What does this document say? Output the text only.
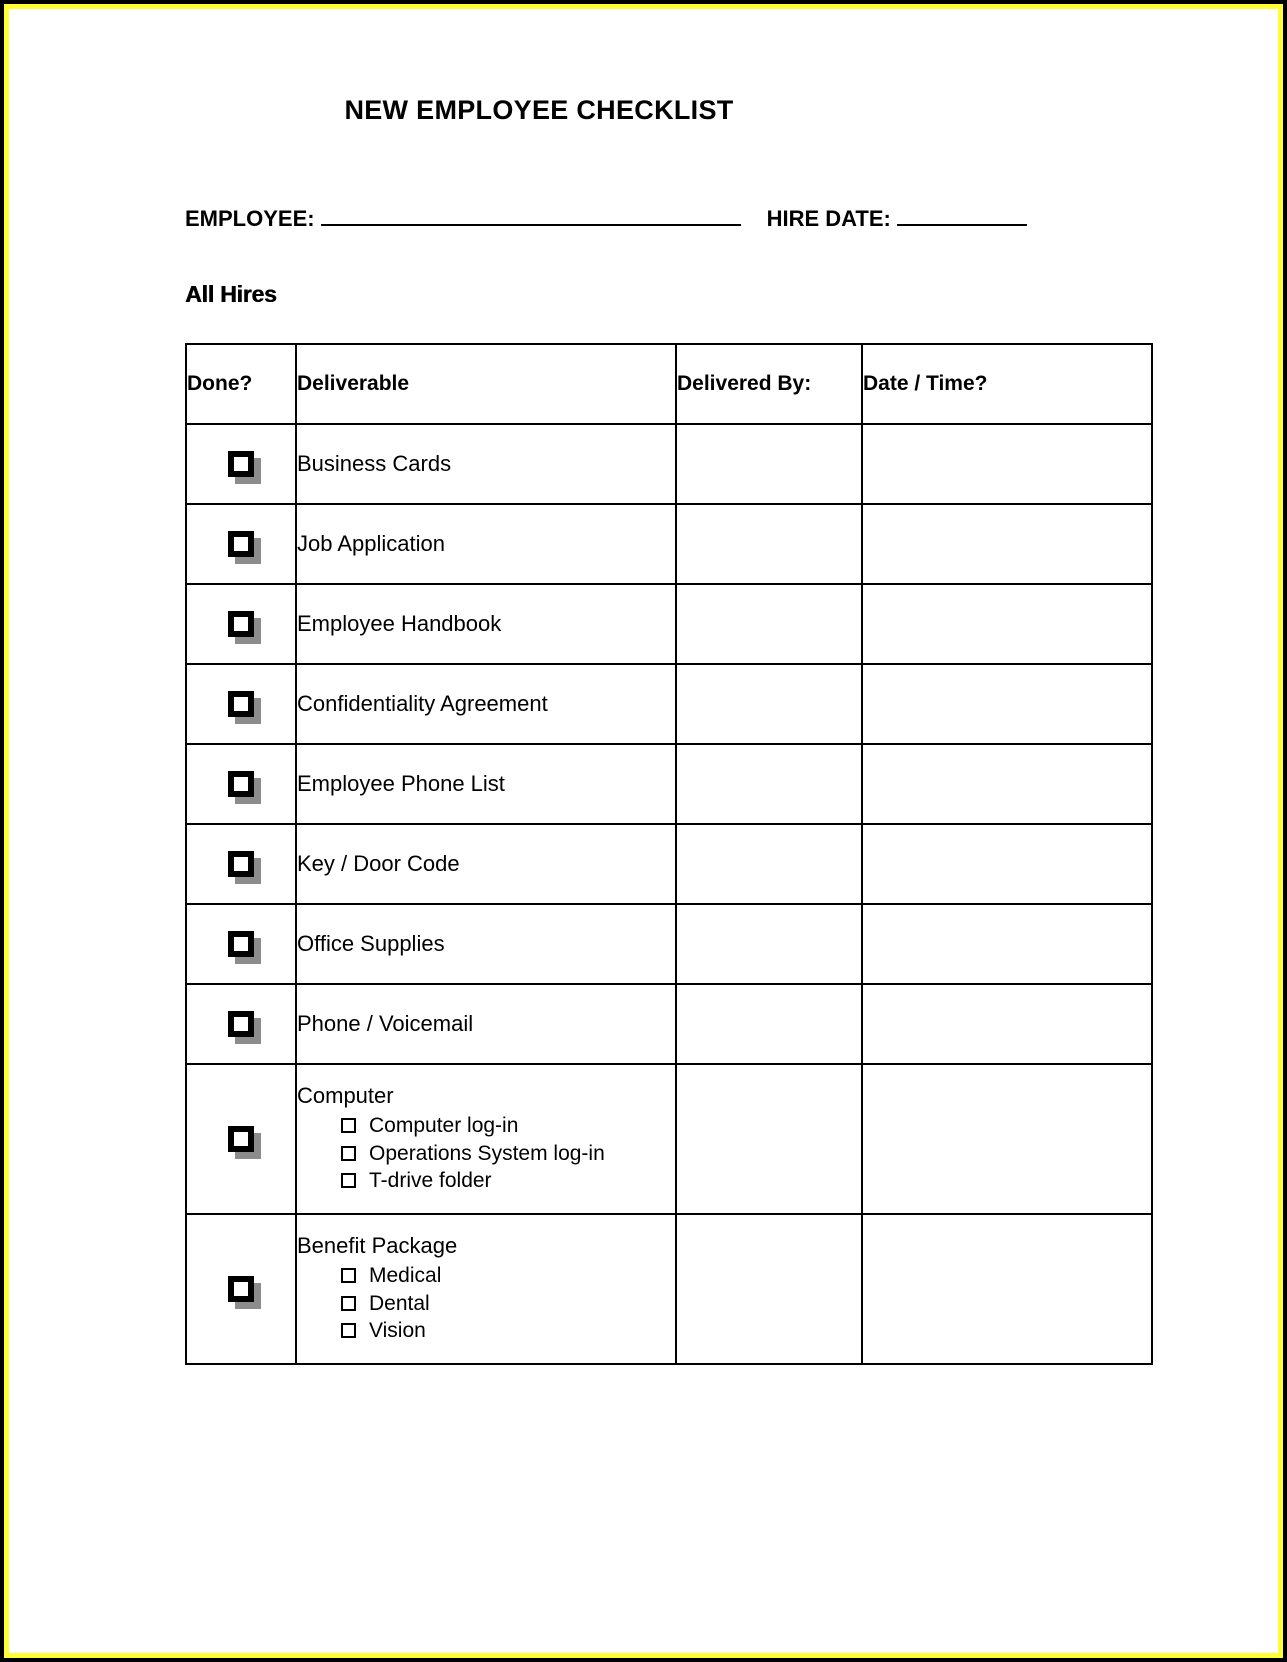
NEW EMPLOYEE CHECKLIST
EMPLOYEE:	HIRE DATE:
All Hires
Done?	Deliverable	Delivered By:	Date / Time?

	Business Cards		

	Job Application		

	Employee Handbook		

	Confidentiality Agreement		

	Employee Phone List		

	Key / Door Code		

	Office Supplies		

	Phone / Voicemail		

Computer
Computer log-in
Operations System log-in
T-drive folder

Benefit Package
Medical
Dental
Vision
